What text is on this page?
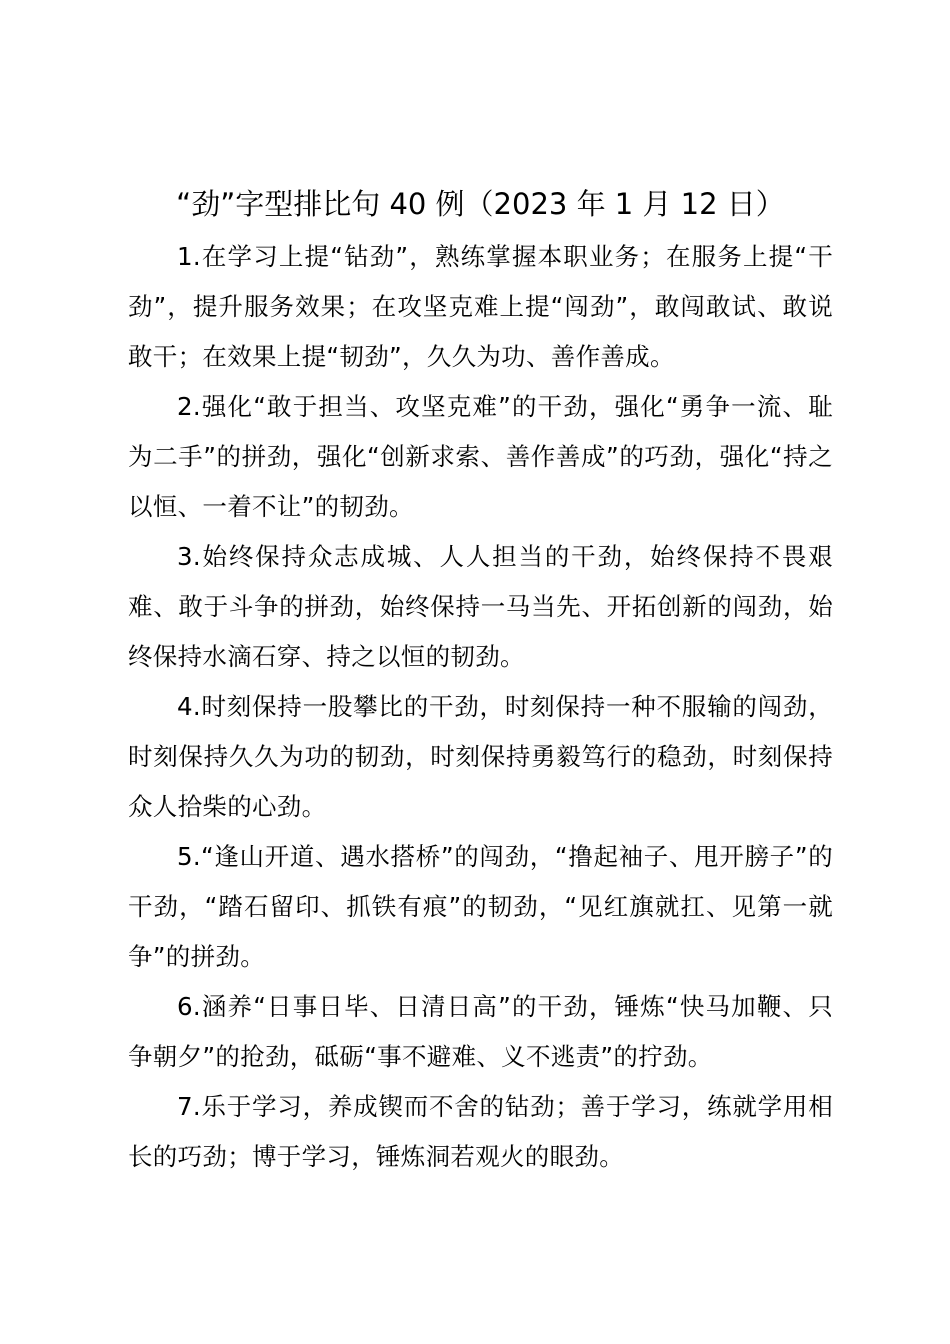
“劲”字型排比句 40 例（2023 年 1 月 12 日）

1.在学习上提“钻劲”，熟练掌握本职业务；在服务上提“干劲”，提升服务效果；在攻坚克难上提“闯劲”，敢闯敢试、敢说敢干；在效果上提“韧劲”，久久为功、善作善成。

2.强化“敢于担当、攻坚克难”的干劲，强化“勇争一流、耻为二手”的拼劲，强化“创新求索、善作善成”的巧劲，强化“持之以恒、一着不让”的韧劲。

3.始终保持众志成城、人人担当的干劲，始终保持不畏艰难、敢于斗争的拼劲，始终保持一马当先、开拓创新的闯劲，始终保持水滴石穿、持之以恒的韧劲。

4.时刻保持一股攀比的干劲，时刻保持一种不服输的闯劲，时刻保持久久为功的韧劲，时刻保持勇毅笃行的稳劲，时刻保持众人拾柴的心劲。

5.“逢山开道、遇水搭桥”的闯劲，“撸起袖子、甩开膀子”的干劲，“踏石留印、抓铁有痕”的韧劲，“见红旗就扛、见第一就争”的拼劲。

6.涵养“日事日毕、日清日高”的干劲，锤炼“快马加鞭、只争朝夕”的抢劲，砥砺“事不避难、义不逃责”的拧劲。

7.乐于学习，养成锲而不舍的钻劲；善于学习，练就学用相长的巧劲；博于学习，锤炼洞若观火的眼劲。
